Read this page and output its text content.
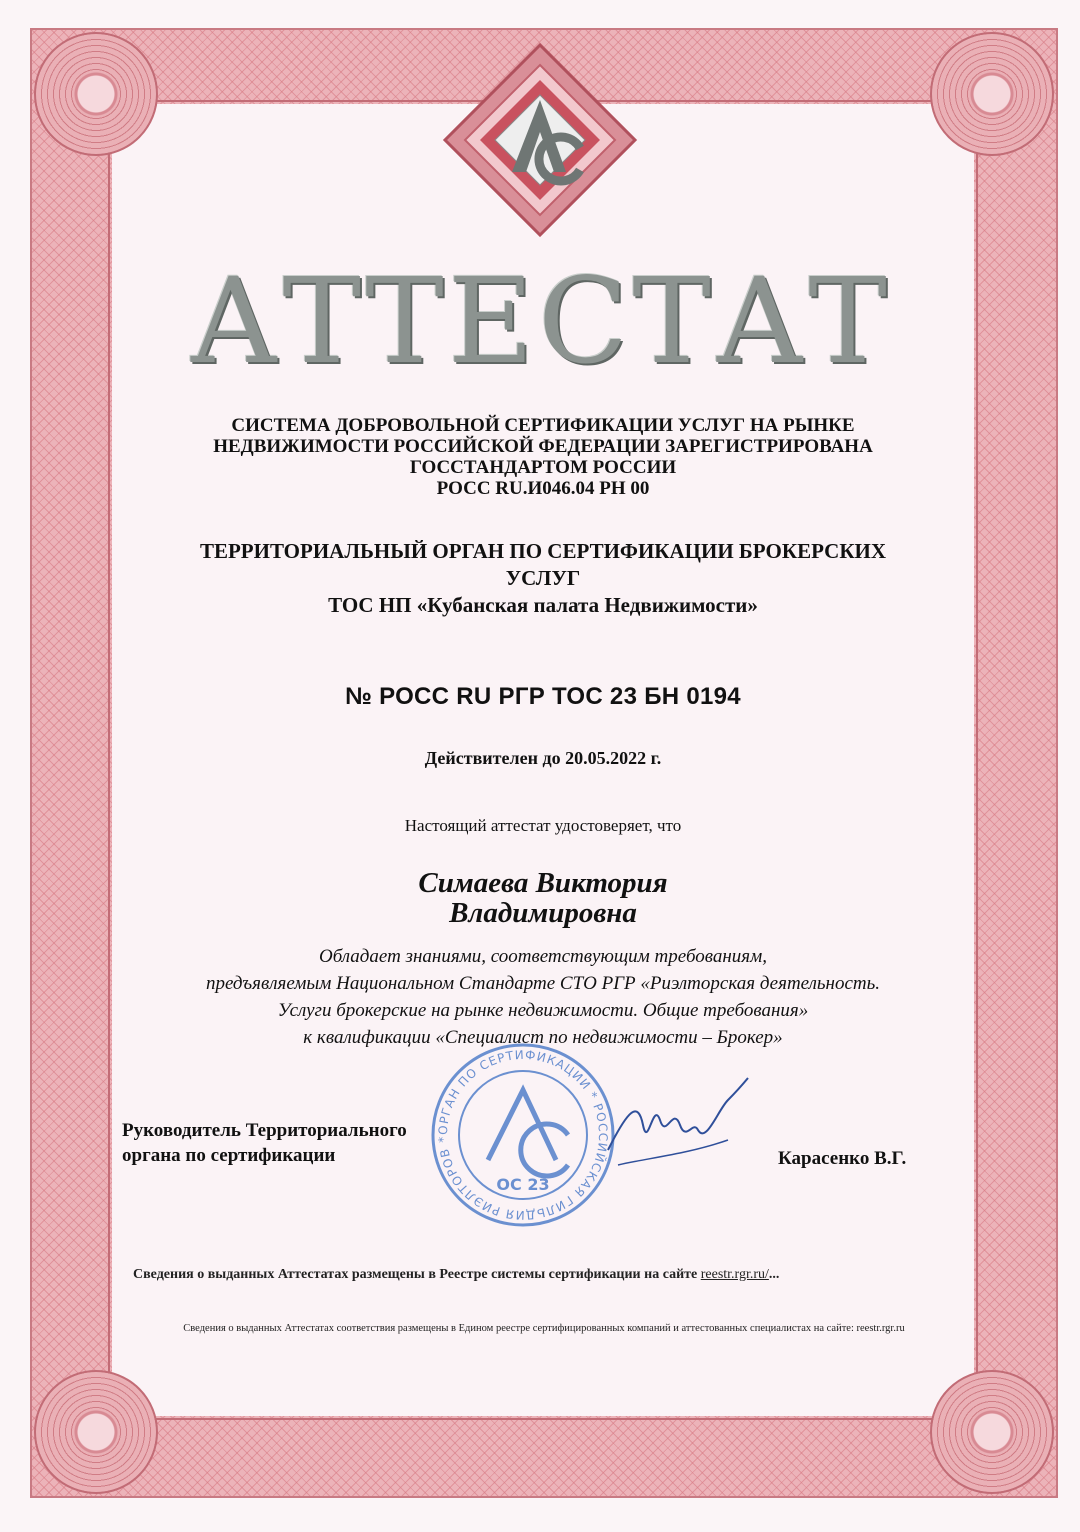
АТТЕСТАТ
СИСТЕМА ДОБРОВОЛЬНОЙ СЕРТИФИКАЦИИ УСЛУГ НА РЫНКЕ
НЕДВИЖИМОСТИ РОССИЙСКОЙ ФЕДЕРАЦИИ ЗАРЕГИСТРИРОВАНА
ГОССТАНДАРТОМ РОССИИ
РОСС RU.И046.04 РН 00
ТЕРРИТОРИАЛЬНЫЙ ОРГАН ПО СЕРТИФИКАЦИИ БРОКЕРСКИХ
УСЛУГ
ТОС НП «Кубанская палата Недвижимости»
№ РОСС RU РГР ТОС 23 БН 0194
Действителен до 20.05.2022 г.
Настоящий аттестат удостоверяет, что
Симаева Виктория
Владимировна
Обладает знаниями, соответствующим требованиям,
предъявляемым Национальном Стандарте СТО РГР «Риэлторская деятельность.
Услуги брокерские на рынке недвижимости. Общие требования»
к квалификации «Специалист по недвижимости – Брокер»
ОРГАН ПО СЕРТИФИКАЦИИ * РОССИЙСКАЯ ГИЛЬДИЯ РИЭЛТОРОВ *
ОС 23
Руководитель Территориального
органа по сертификации	Карасенко В.Г.
Сведения о выданных Аттестатах размещены в Реестре системы сертификации на сайте reestr.rgr.ru/...
Сведения о выданных Аттестатах соответствия размещены в Едином реестре сертифицированных компаний и аттестованных специалистах на сайте: reestr.rgr.ru
